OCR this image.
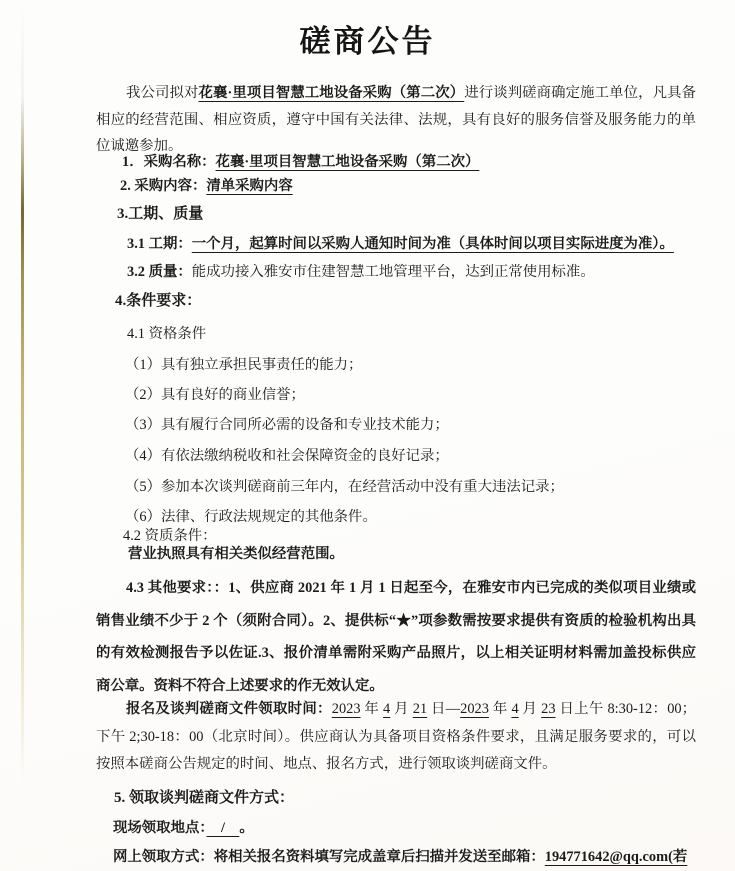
磋商公告
我公司拟对花襄·里项目智慧工地设备采购（第二次）进行谈判磋商确定施工单位，凡具备相应的经营范围、相应资质，遵守中国有关法律、法规，具有良好的服务信誉及服务能力的单位诚邀参加。
1．采购名称：花襄·里项目智慧工地设备采购（第二次）
2. 采购内容：清单采购内容
3.工期、质量
3.1 工期：一个月，起算时间以采购人通知时间为准（具体时间以项目实际进度为准）。
3.2 质量：能成功接入雅安市住建智慧工地管理平台，达到正常使用标准。
4.条件要求：
4.1 资格条件
（1）具有独立承担民事责任的能力；
（2）具有良好的商业信誉；
（3）具有履行合同所必需的设备和专业技术能力；
（4）有依法缴纳税收和社会保障资金的良好记录；
（5）参加本次谈判磋商前三年内，在经营活动中没有重大违法记录；
（6）法律、行政法规规定的其他条件。
4.2 资质条件：
营业执照具有相关类似经营范围。
4.3 其他要求：：1、供应商 2021 年 1 月 1 日起至今，在雅安市内已完成的类似项目业绩或销售业绩不少于 2 个（须附合同）。2、提供标“★”项参数需按要求提供有资质的检验机构出具的有效检测报告予以佐证.3、报价清单需附采购产品照片，以上相关证明材料需加盖投标供应商公章。资料不符合上述要求的作无效认定。
报名及谈判磋商文件领取时间：2023 年 4 月 21 日—2023 年 4 月 23 日上午 8:30-12：00；下午 2;30-18：00（北京时间）。供应商认为具备项目资格条件要求，且满足服务要求的，可以按照本磋商公告规定的时间、地点、报名方式，进行领取谈判磋商文件。
5. 领取谈判磋商文件方式：
现场领取地点：　/　。
网上领取方式：将相关报名资料填写完成盖章后扫描并发送至邮箱：194771642@qq.com(若
